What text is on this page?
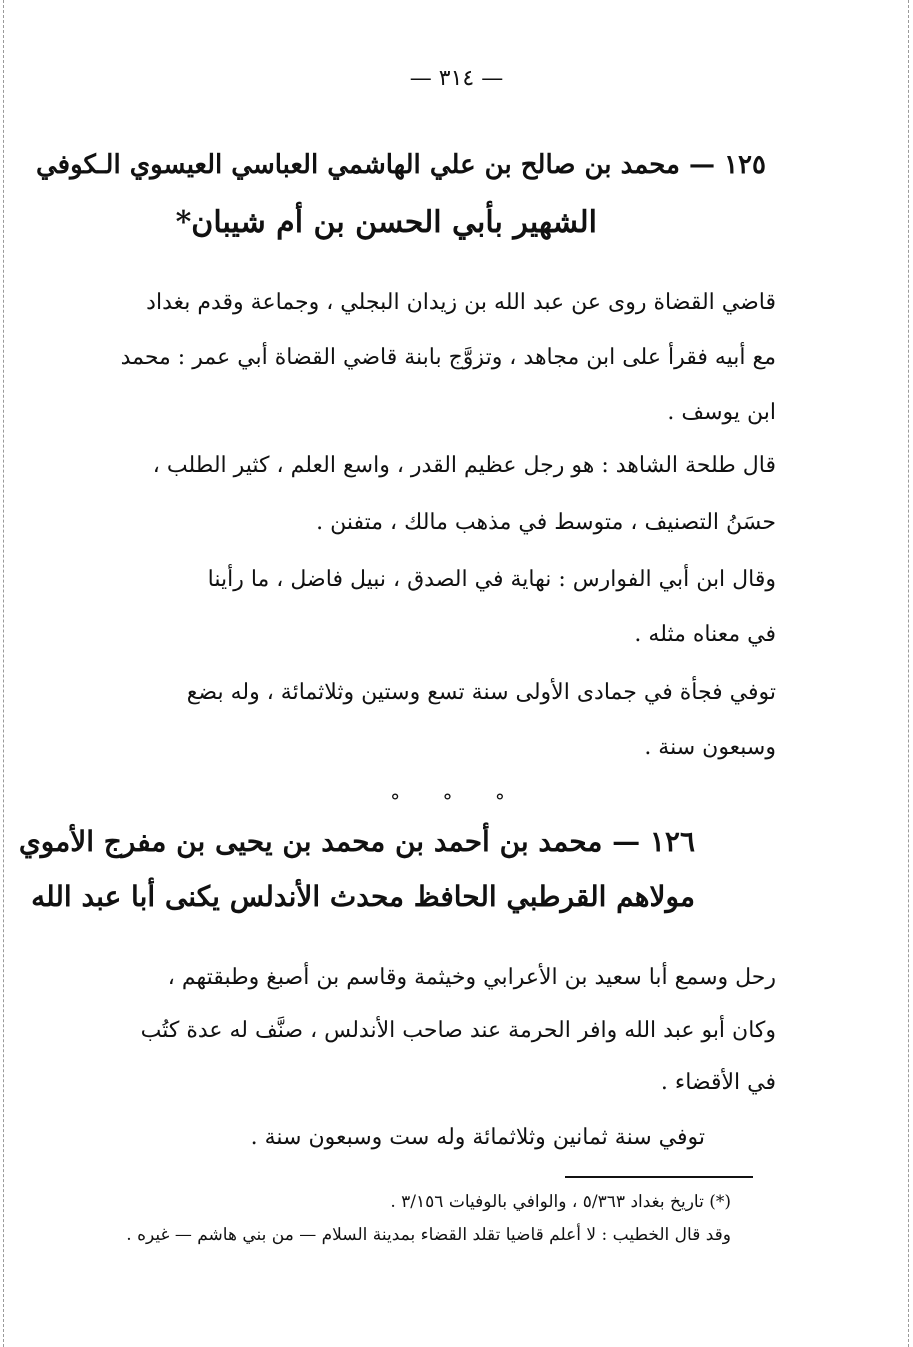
— ٣١٤ —
١٢٥ — محمد بن صالح بن علي الهاشمي العباسي العيسوي الـكوفي
الشهير بأبي الحسن بن أم شيبان*
قاضي القضاة روى عن عبد الله بن زيدان البجلي ، وجماعة وقدم بغداد
مع أبيه فقرأ على ابن مجاهد ، وتزوَّج بابنة قاضي القضاة أبي عمر : محمد
ابن يوسف .
قال طلحة الشاهد : هو رجل عظيم القدر ، واسع العلم ، كثير الطلب ،
حسَنُ التصنيف ، متوسط في مذهب مالك ، متفنن .
وقال ابن أبي الفوارس : نهاية في الصدق ، نبيل فاضل ، ما رأينا
في معناه مثله .
توفي فجأة في جمادى الأولى سنة تسع وستين وثلاثمائة ، وله بضع
وسبعون سنة .
° ° °
١٢٦ — محمد بن أحمد بن محمد بن يحيى بن مفرج الأموي
مولاهم القرطبي الحافظ محدث الأندلس يكنى أبا عبد الله
رحل وسمع أبا سعيد بن الأعرابي وخيثمة وقاسم بن أصبغ وطبقتهم ،
وكان أبو عبد الله وافر الحرمة عند صاحب الأندلس ، صنَّف له عدة كتُب
في الأقضاء .
توفي سنة ثمانين وثلاثمائة وله ست وسبعون سنة .
(*) تاريخ بغداد ٥/٣٦٣ ، والوافي بالوفيات ٣/١٥٦ .
وقد قال الخطيب : لا أعلم قاضيا تقلد القضاء بمدينة السلام — من بني هاشم — غيره .
